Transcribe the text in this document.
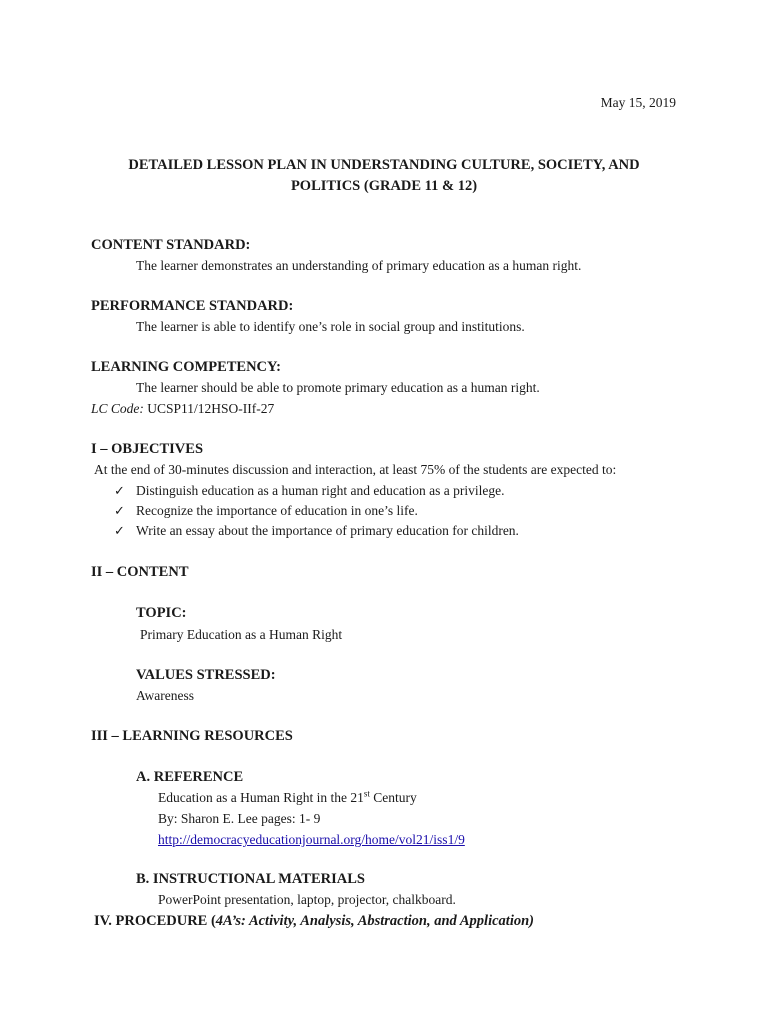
May 15, 2019
DETAILED LESSON PLAN IN UNDERSTANDING CULTURE, SOCIETY, AND
POLITICS (GRADE 11 & 12)
CONTENT STANDARD:
The learner demonstrates an understanding of primary education as a human right.
PERFORMANCE STANDARD:
The learner is able to identify one’s role in social group and institutions.
LEARNING COMPETENCY:
The learner should be able to promote primary education as a human right.
LC Code: UCSP11/12HSO-IIf-27
I – OBJECTIVES
At the end of 30-minutes discussion and interaction, at least 75% of the students are expected to:
✓ Distinguish education as a human right and education as a privilege.
✓ Recognize the importance of education in one’s life.
✓ Write an essay about the importance of primary education for children.
II – CONTENT
TOPIC:
Primary Education as a Human Right
VALUES STRESSED:
Awareness
III – LEARNING RESOURCES
A. REFERENCE
Education as a Human Right in the 21st Century
By: Sharon E. Lee pages: 1- 9
http://democracyeducationjournal.org/home/vol21/iss1/9
B. INSTRUCTIONAL MATERIALS
PowerPoint presentation, laptop, projector, chalkboard.
IV. PROCEDURE (4A’s: Activity, Analysis, Abstraction, and Application)
